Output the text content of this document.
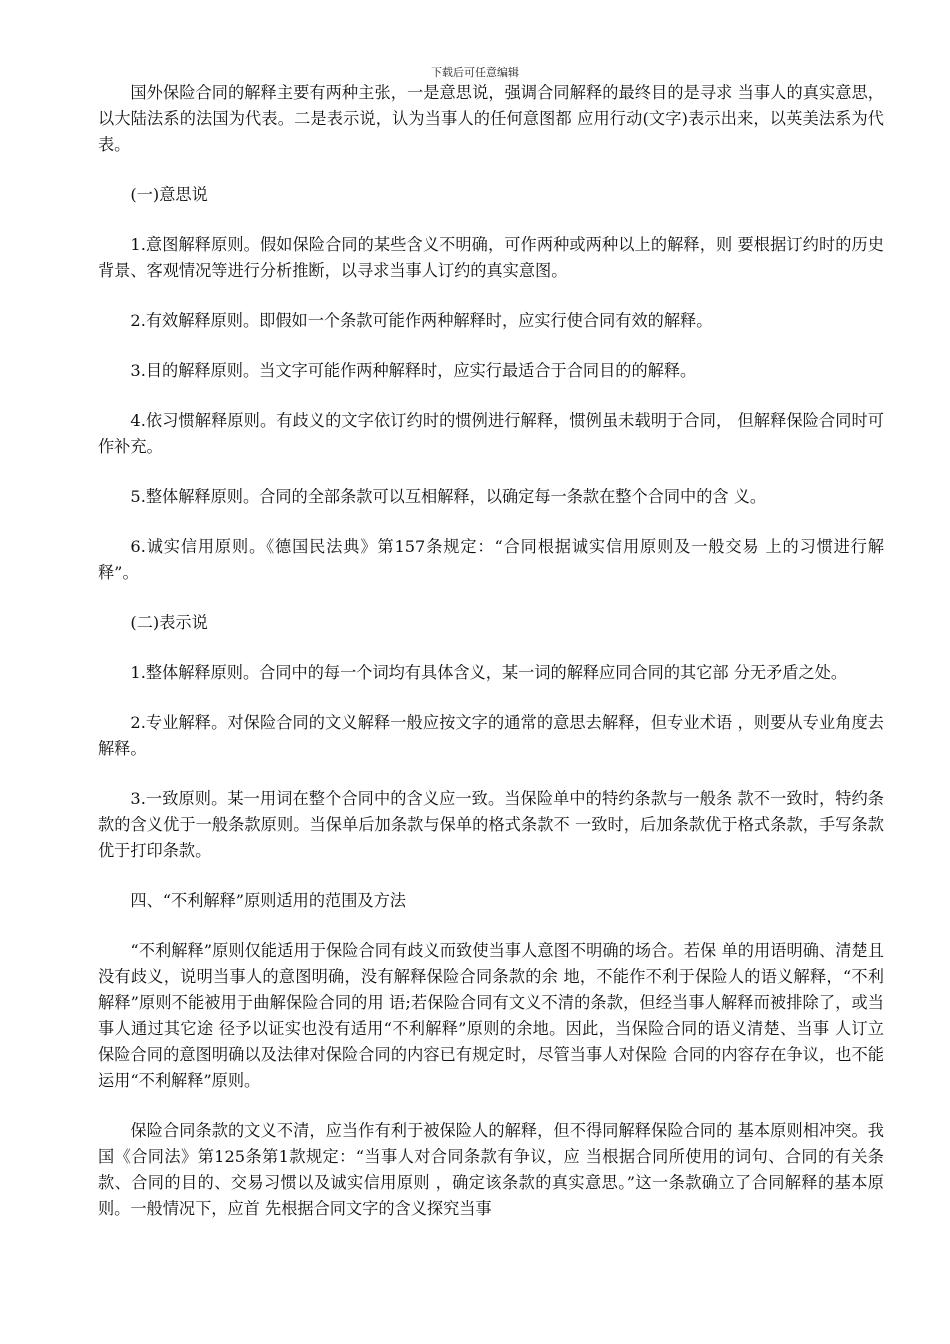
下载后可任意编辑

国外保险合同的解释主要有两种主张，一是意思说，强调合同解释的最终目的是寻求 当事人的真实意思，以大陆法系的法国为代表。二是表示说，认为当事人的任何意图都 应用行动(文字)表示出来，以英美法系为代表。

(一)意思说

1.意图解释原则。假如保险合同的某些含义不明确，可作两种或两种以上的解释，则 要根据订约时的历史背景、客观情况等进行分析推断，以寻求当事人订约的真实意图。

2.有效解释原则。即假如一个条款可能作两种解释时，应实行使合同有效的解释。

3.目的解释原则。当文字可能作两种解释时，应实行最适合于合同目的的解释。

4.依习惯解释原则。有歧义的文字依订约时的惯例进行解释，惯例虽未载明于合同， 但解释保险合同时可作补充。

5.整体解释原则。合同的全部条款可以互相解释，以确定每一条款在整个合同中的含 义。

6.诚实信用原则。《德国民法典》第157条规定：“合同根据诚实信用原则及一般交易 上的习惯进行解释”。

(二)表示说

1.整体解释原则。合同中的每一个词均有具体含义，某一词的解释应同合同的其它部 分无矛盾之处。

2.专业解释。对保险合同的文义解释一般应按文字的通常的意思去解释，但专业术语 ，则要从专业角度去解释。

3.一致原则。某一用词在整个合同中的含义应一致。当保险单中的特约条款与一般条 款不一致时，特约条款的含义优于一般条款原则。当保单后加条款与保单的格式条款不 一致时，后加条款优于格式条款，手写条款优于打印条款。

四、“不利解释”原则适用的范围及方法

“不利解释”原则仅能适用于保险合同有歧义而致使当事人意图不明确的场合。若保 单的用语明确、清楚且没有歧义，说明当事人的意图明确，没有解释保险合同条款的余 地，不能作不利于保险人的语义解释，“不利解释”原则不能被用于曲解保险合同的用 语;若保险合同有文义不清的条款，但经当事人解释而被排除了，或当事人通过其它途 径予以证实也没有适用“不利解释”原则的余地。因此，当保险合同的语义清楚、当事 人订立保险合同的意图明确以及法律对保险合同的内容已有规定时，尽管当事人对保险 合同的内容存在争议，也不能运用“不利解释”原则。

保险合同条款的文义不清，应当作有利于被保险人的解释，但不得同解释保险合同的 基本原则相冲突。我国《合同法》第125条第1款规定：“当事人对合同条款有争议，应 当根据合同所使用的词句、合同的有关条款、合同的目的、交易习惯以及诚实信用原则 ，确定该条款的真实意思。”这一条款确立了合同解释的基本原则。一般情况下，应首 先根据合同文字的含义探究当事
